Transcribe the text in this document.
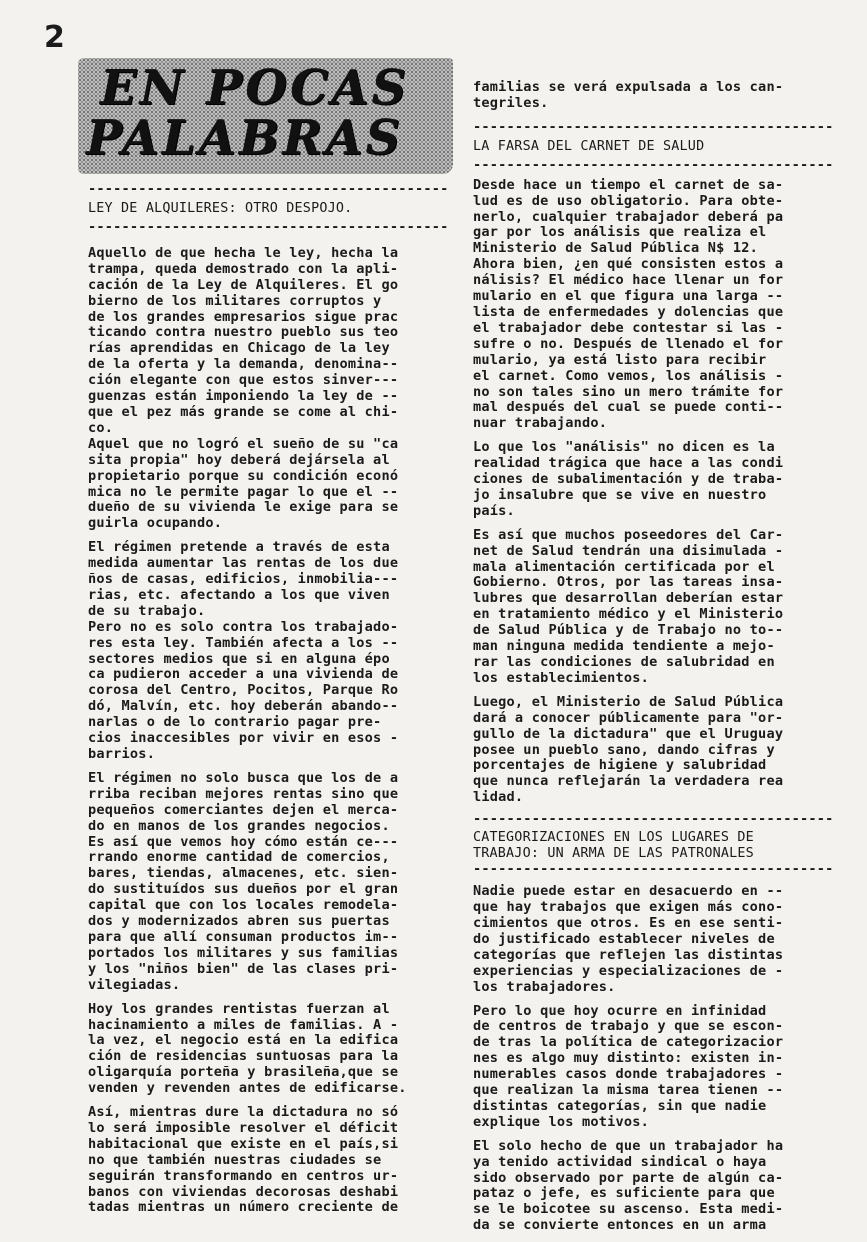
2
EN POCAS
PALABRAS
-----
LEY DE ALQUILERES: OTRO DESPOJO.
-----
Aquello de que hecha le ley, hecha la
trampa, queda demostrado con la apli-
cación de la Ley de Alquileres. El go
bierno de los militares corruptos y
de los grandes empresarios sigue prac
ticando contra nuestro pueblo sus teo
rías aprendidas en Chicago de la ley
de la oferta y la demanda, denomina--
ción elegante con que estos sinver---
guenzas están imponiendo la ley de --
que el pez más grande se come al chi-
co.
Aquel que no logró el sueño de su "ca
sita propia" hoy deberá dejársela al
propietario porque su condición econó
mica no le permite pagar lo que el --
dueño de su vivienda le exige para se
guirla ocupando.
El régimen pretende a través de esta
medida aumentar las rentas de los due
ños de casas, edificios, inmobilia---
rias, etc. afectando a los que viven
de su trabajo.
Pero no es solo contra los trabajado-
res esta ley. También afecta a los --
sectores medios que si en alguna épo
ca pudieron acceder a una vivienda de
corosa del Centro, Pocitos, Parque Ro
dó, Malvín, etc. hoy deberán abando--
narlas o de lo contrario pagar pre-
cios inaccesibles por vivir en esos -
barrios.
El régimen no solo busca que los de a
rriba reciban mejores rentas sino que
pequeños comerciantes dejen el merca-
do en manos de los grandes negocios.
Es así que vemos hoy cómo están ce---
rrando enorme cantidad de comercios,
bares, tiendas, almacenes, etc. sien-
do sustituídos sus dueños por el gran
capital que con los locales remodela-
dos y modernizados abren sus puertas
para que allí consuman productos im--
portados los militares y sus familias
y los "niños bien" de las clases pri-
vilegiadas.
Hoy los grandes rentistas fuerzan al
hacinamiento a miles de familias. A -
la vez, el negocio está en la edifica
ción de residencias suntuosas para la
oligarquía porteña y brasileña,que se
venden y revenden antes de edificarse.
Así, mientras dure la dictadura no só
lo será imposible resolver el déficit
habitacional que existe en el país,si
no que también nuestras ciudades se
seguirán transformando en centros ur-
banos con viviendas decorosas deshabi
tadas mientras un número creciente de
familias se verá expulsada a los can-
tegriles.
-----
LA FARSA DEL CARNET DE SALUD
-----
Desde hace un tiempo el carnet de sa-
lud es de uso obligatorio. Para obte-
nerlo, cualquier trabajador deberá pa
gar por los análisis que realiza el
Ministerio de Salud Pública N$ 12.
Ahora bien, ¿en qué consisten estos a
nálisis? El médico hace llenar un for
mulario en el que figura una larga --
lista de enfermedades y dolencias que
el trabajador debe contestar si las -
sufre o no. Después de llenado el for
mulario, ya está listo para recibir
el carnet. Como vemos, los análisis -
no son tales sino un mero trámite for
mal después del cual se puede conti--
nuar trabajando.
Lo que los "análisis" no dicen es la
realidad trágica que hace a las condi
ciones de subalimentación y de traba-
jo insalubre que se vive en nuestro
país.
Es así que muchos poseedores del Car-
net de Salud tendrán una disimulada -
mala alimentación certificada por el
Gobierno. Otros, por las tareas insa-
lubres que desarrollan deberían estar
en tratamiento médico y el Ministerio
de Salud Pública y de Trabajo no to--
man ninguna medida tendiente a mejo-
rar las condiciones de salubridad en
los establecimientos.
Luego, el Ministerio de Salud Pública
dará a conocer públicamente para "or-
gullo de la dictadura" que el Uruguay
posee un pueblo sano, dando cifras y
porcentajes de higiene y salubridad
que nunca reflejarán la verdadera rea
lidad.
-----
CATEGORIZACIONES EN LOS LUGARES DE
TRABAJO: UN ARMA DE LAS PATRONALES
-----
Nadie puede estar en desacuerdo en --
que hay trabajos que exigen más cono-
cimientos que otros. Es en ese senti-
do justificado establecer niveles de
categorías que reflejen las distintas
experiencias y especializaciones de -
los trabajadores.
Pero lo que hoy ocurre en infinidad
de centros de trabajo y que se escon-
de tras la política de categorizacior
nes es algo muy distinto: existen in-
numerables casos donde trabajadores -
que realizan la misma tarea tienen --
distintas categorías, sin que nadie
explique los motivos.
El solo hecho de que un trabajador ha
ya tenido actividad sindical o haya
sido observado por parte de algún ca-
pataz o jefe, es suficiente para que
se le boicotee su ascenso. Esta medi-
da se convierte entonces en un arma
